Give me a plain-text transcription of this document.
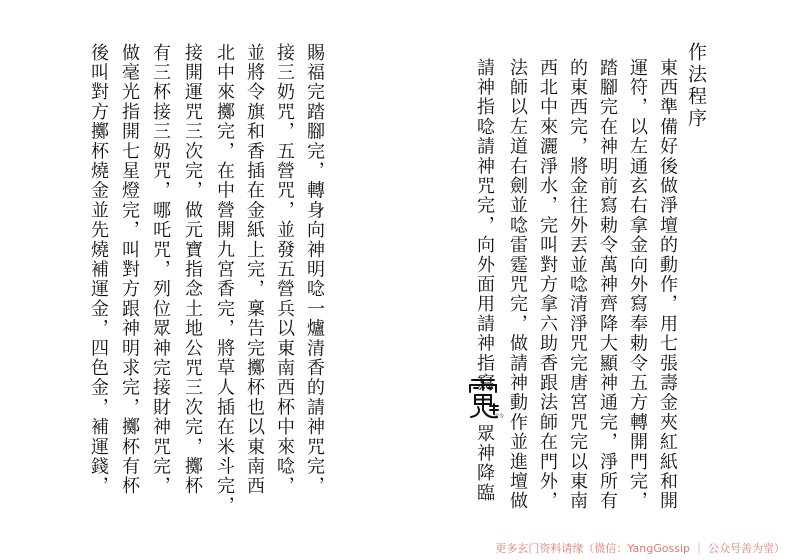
作法程序
東西準備好後做淨壇的動作，用七張壽金夾紅紙和開
運符，以左通玄右拿金向外寫奉勅令五方轉開門完，
踏腳完在神明前寫勅令萬神齊降大顯神通完，淨所有
的東西完，將金往外丟並唸清淨咒完唐宮咒完以東南
西北中來灑淨水，完叫對方拿六助香跟法師在門外，
法師以左道右劍並唸雷霆咒完，做請神動作並進壇做
請神指唸請神咒完，向外面用請神指寫
雷令
眾神降臨
賜福完踏腳完，轉身向神明唸一爐清香的請神咒完，
接三奶咒，五營咒，並發五營兵以東南西杯中來唸，
並將令旗和香插在金紙上完，稟告完擲杯也以東南西
北中來擲完，在中營開九宮香完，將草人插在米斗完，
接開運咒三次完，做元寶指念土地公咒三次完，擲杯
有三杯接三奶咒，哪吒咒，列位眾神完接財神咒完，
做毫光指開七星燈完，叫對方跟神明求完，擲杯有杯
後叫對方擲杯燒金並先燒補運金，四色金，補運錢，
更多玄门资料请缘（微信：YangGossip ｜ 公众号善为堂）
